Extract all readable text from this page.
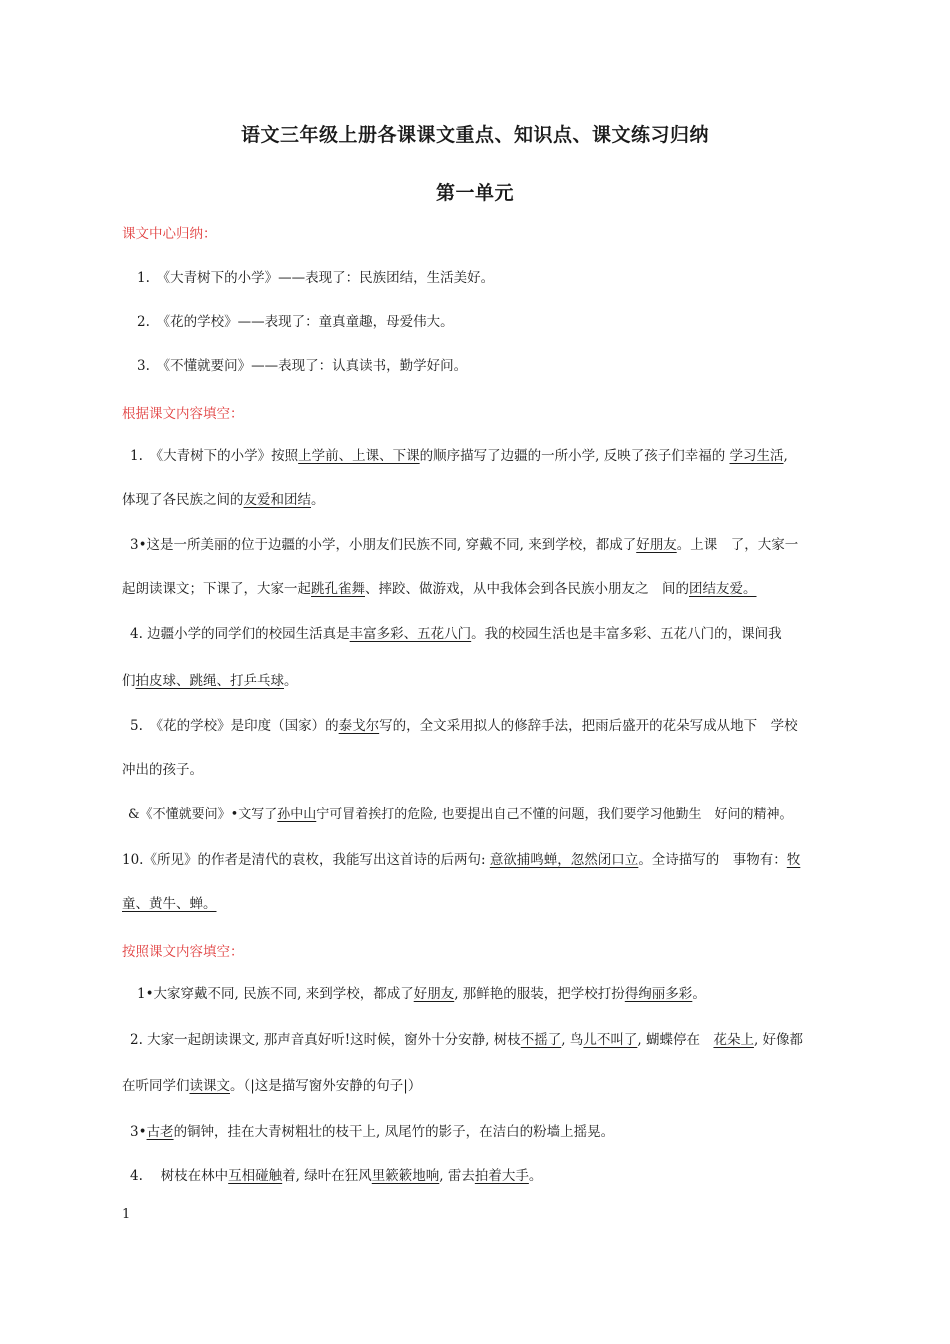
语文三年级上册各课课文重点、知识点、课文练习归纳
第一单元
课文中心归纳：
1.　《大青树下的小学》——表现了：民族团结，生活美好。
2.　《花的学校》——表现了：童真童趣，母爱伟大。
3.　《不懂就要问》——表现了：认真读书，勤学好问。
根据课文内容填空：
1.　《大青树下的小学》按照上学前、上课、下课的顺序描写了边疆的一所小学, 反映了孩子们幸福的 学习生活,
体现了各民族之间的友爱和团结。
3•这是一所美丽的位于边疆的小学，小朋友们民族不同, 穿戴不同, 来到学校，都成了好朋友。上课　了，大家一
起朗读课文；下课了，大家一起跳孔雀舞、摔跤、做游戏，从中我体会到各民族小朋友之　间的团结友爱。
4. 边疆小学的同学们的校园生活真是丰富多彩、五花八门。我的校园生活也是丰富多彩、五花八门的，课间我
们拍皮球、跳绳、打乒乓球。
5.　《花的学校》是印度（国家）的泰戈尔写的，全文采用拟人的修辞手法，把雨后盛开的花朵写成从地下　学校
冲出的孩子。
&《不懂就要问》•文写了孙中山宁可冒着挨打的危险, 也要提出自己不懂的问题，我们要学习他勤生　好问的精神。
10.《所见》的作者是清代的袁枚，我能写出这首诗的后两句: 意欲捕鸣蝉，忽然闭口立。全诗描写的　事物有：牧
童、黄牛、蝉。
按照课文内容填空：
1•大家穿戴不同, 民族不同, 来到学校，都成了好朋友, 那鲜艳的服装，把学校打扮得绚丽多彩。
2. 大家一起朗读课文, 那声音真好听!这时候，窗外十分安静, 树枝不摇了, 鸟儿不叫了, 蝴蝶停在　花朵上, 好像都
在听同学们读课文。（|这是描写窗外安静的句子|）
3•古老的铜钟，挂在大青树粗壮的枝干上, 凤尾竹的影子，在洁白的粉墙上摇晃。
4.　 树枝在林中互相碰触着, 绿叶在狂风里簌簌地响, 雷去拍着大手。
1
